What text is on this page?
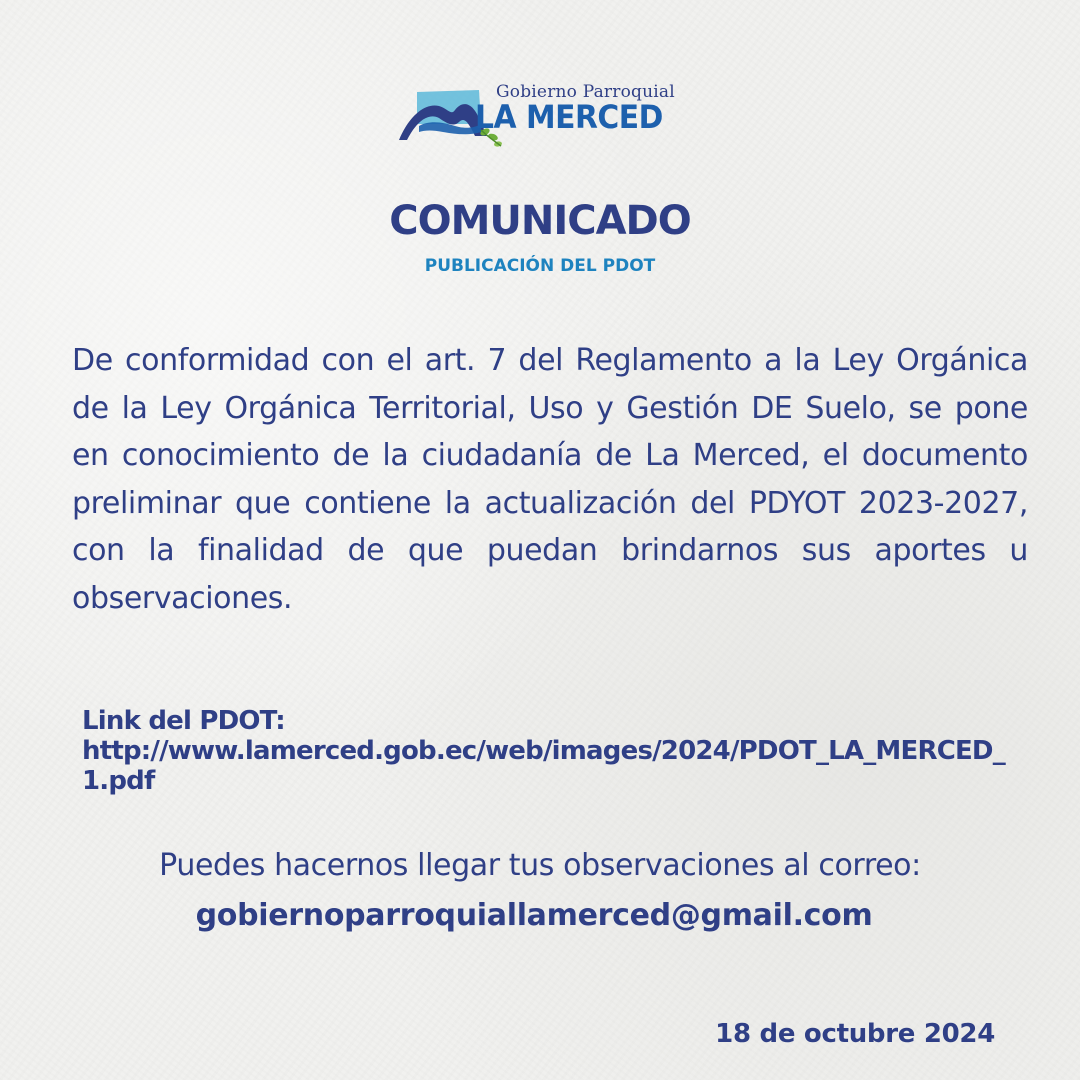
Gobierno Parroquial
LA MERCED
COMUNICADO
PUBLICACIÓN DEL PDOT

De conformidad con el art. 7 del Reglamento a la Ley Orgánica de la Ley Orgánica Territorial, Uso y Gestión DE Suelo, se pone en conocimiento de la ciudadanía de La Merced, el documento preliminar que contiene la actualización del PDYOT 2023-2027, con la finalidad de que puedan brindarnos sus aportes u observaciones.

Link del PDOT:
http://www.lamerced.gob.ec/web/images/2024/PDOT_LA_MERCED_1.pdf
Puedes hacernos llegar tus observaciones al correo:
gobiernoparroquiallamerced@gmail.com
18 de octubre 2024
